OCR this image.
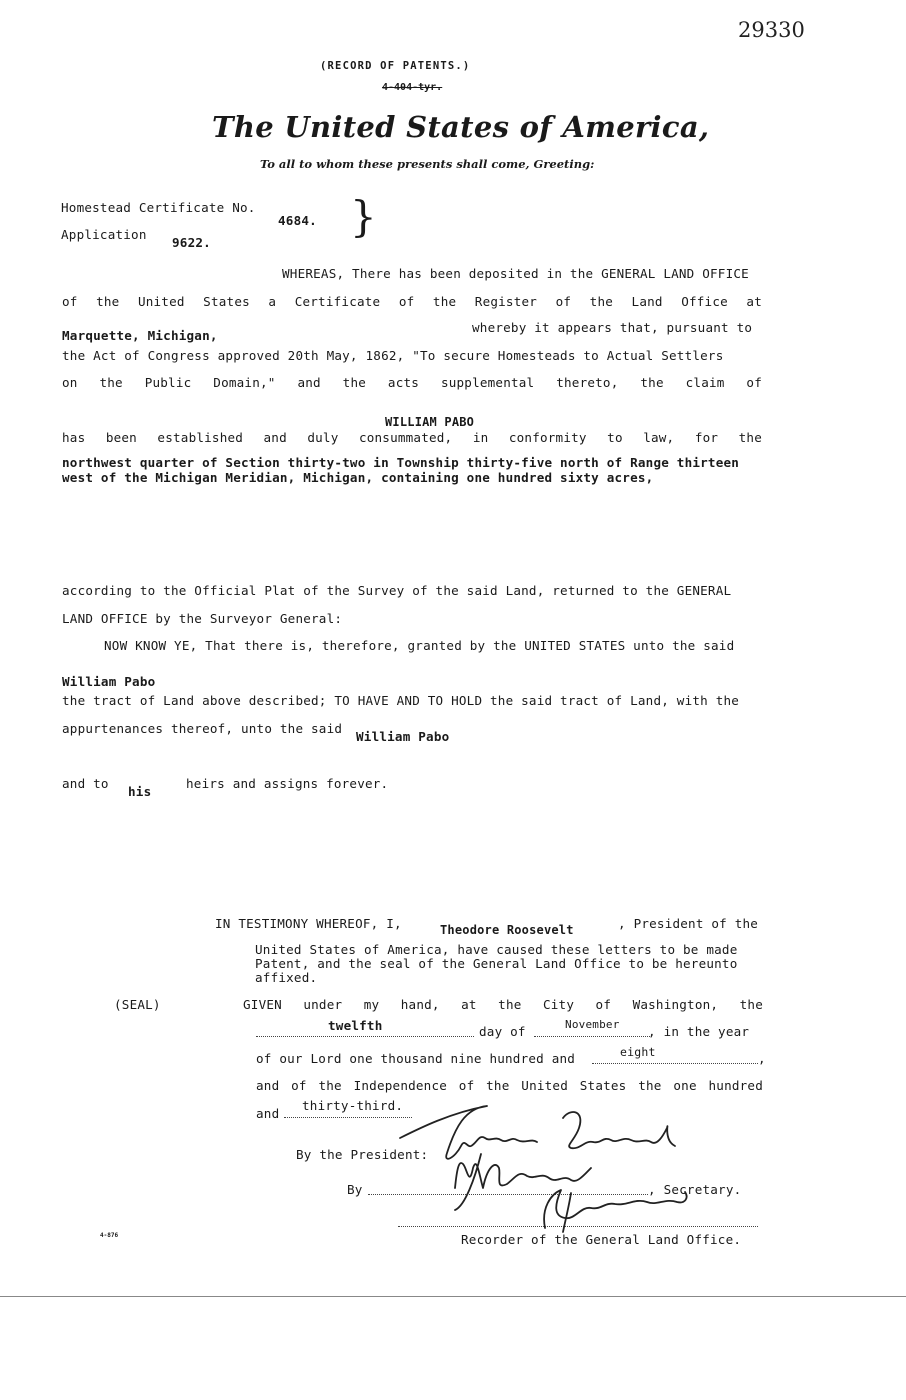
29330
(RECORD OF PATENTS.)
4-404-tyr.
The United States of America,
To all to whom these presents shall come, Greeting:
Homestead Certificate No.
4684.
Application
9622.
}
WHEREAS, There has been deposited in the GENERAL LAND OFFICE
of the United States a Certificate of the Register of the Land Office at
Marquette, Michigan,
whereby it appears that, pursuant to
the Act of Congress approved 20th May, 1862, "To secure Homesteads to Actual Settlers
on the Public Domain," and the acts supplemental thereto, the claim of
WILLIAM PABO
has been established and duly consummated, in conformity to law, for the
northwest quarter of Section thirty-two in Township thirty-five north of Range thirteen
west of the Michigan Meridian, Michigan, containing one hundred sixty acres,
according to the Official Plat of the Survey of the said Land, returned to the GENERAL
LAND OFFICE by the Surveyor General:
NOW KNOW YE, That there is, therefore, granted by the UNITED STATES unto the said
William Pabo
the tract of Land above described; TO HAVE AND TO HOLD the said tract of Land, with the
appurtenances thereof, unto the said
William Pabo
and to
his
heirs and assigns forever.
IN TESTIMONY WHEREOF, I,	Theodore Roosevelt	, President of the
United States of America, have caused these letters to be made
Patent, and the seal of the General Land Office to be hereunto
affixed.
(SEAL)	GIVEN under my hand, at the City of Washington, the
twelfth	day of	November , in the year
of our Lord one thousand nine hundred and	eight	,
and of the Independence of the United States the one hundred
and
thirty-third.
By the President:
By	, Secretary.
Recorder of the General Land Office.
4-876
